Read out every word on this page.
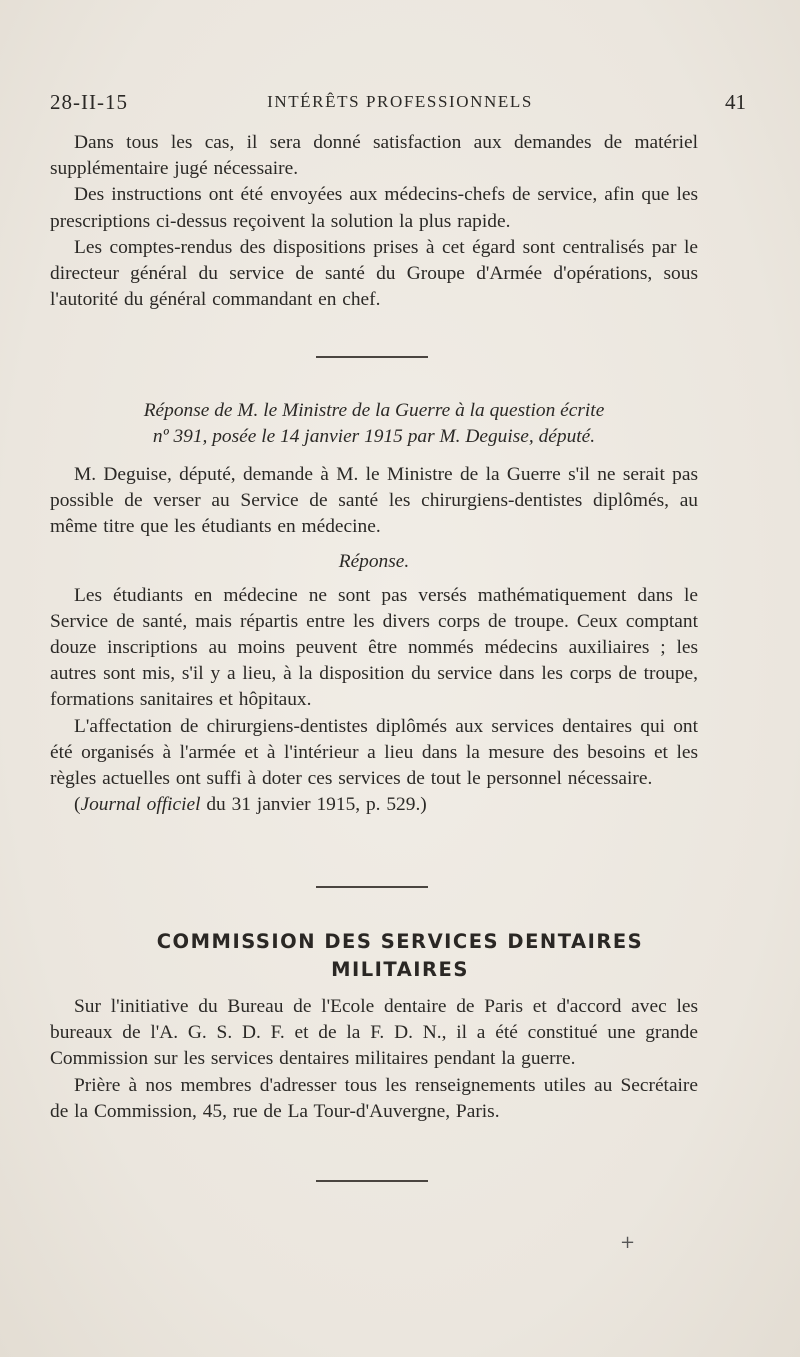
28-II-15	INTÉRÊTS PROFESSIONNELS	41

Dans tous les cas, il sera donné satisfaction aux demandes de matériel supplémentaire jugé nécessaire.

Des instructions ont été envoyées aux médecins-chefs de service, afin que les prescriptions ci-dessus reçoivent la solution la plus rapide.

Les comptes-rendus des dispositions prises à cet égard sont centralisés par le directeur général du service de santé du Groupe d'Armée d'opérations, sous l'autorité du général commandant en chef.

Réponse de M. le Ministre de la Guerre à la question écrite
nº 391, posée le 14 janvier 1915 par M. Deguise, député.

M. Deguise, député, demande à M. le Ministre de la Guerre s'il ne serait pas possible de verser au Service de santé les chirurgiens-dentistes diplômés, au même titre que les étudiants en médecine.

Réponse.

Les étudiants en médecine ne sont pas versés mathématiquement dans le Service de santé, mais répartis entre les divers corps de troupe. Ceux comptant douze inscriptions au moins peuvent être nommés médecins auxiliaires ; les autres sont mis, s'il y a lieu, à la disposition du service dans les corps de troupe, formations sanitaires et hôpitaux.

L'affectation de chirurgiens-dentistes diplômés aux services dentaires qui ont été organisés à l'armée et à l'intérieur a lieu dans la mesure des besoins et les règles actuelles ont suffi à doter ces services de tout le personnel nécessaire.

(Journal officiel du 31 janvier 1915, p. 529.)

COMMISSION DES SERVICES DENTAIRES
MILITAIRES

Sur l'initiative du Bureau de l'Ecole dentaire de Paris et d'accord avec les bureaux de l'A. G. S. D. F. et de la F. D. N., il a été constitué une grande Commission sur les services dentaires militaires pendant la guerre.

Prière à nos membres d'adresser tous les renseignements utiles au Secrétaire de la Commission, 45, rue de La Tour-d'Auvergne, Paris.

+
